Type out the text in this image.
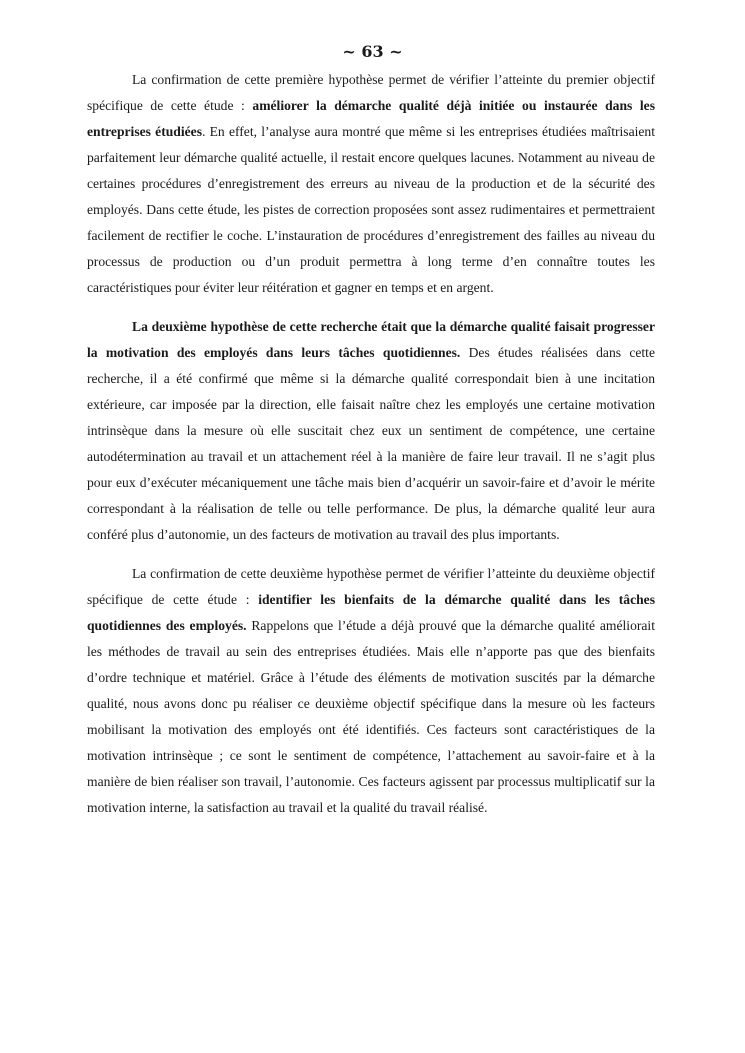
~ 63 ~

La confirmation de cette première hypothèse permet de vérifier l’atteinte du premier objectif spécifique de cette étude : améliorer la démarche qualité déjà initiée ou instaurée dans les entreprises étudiées. En effet, l’analyse aura montré que même si les entreprises étudiées maîtrisaient parfaitement leur démarche qualité actuelle, il restait encore quelques lacunes. Notamment au niveau de certaines procédures d’enregistrement des erreurs au niveau de la production et de la sécurité des employés. Dans cette étude, les pistes de correction proposées sont assez rudimentaires et permettraient facilement de rectifier le coche. L’instauration de procédures d’enregistrement des failles au niveau du processus de production ou d’un produit permettra à long terme d’en connaître toutes les caractéristiques pour éviter leur réitération et gagner en temps et en argent.

La deuxième hypothèse de cette recherche était que la démarche qualité faisait progresser la motivation des employés dans leurs tâches quotidiennes. Des études réalisées dans cette recherche, il a été confirmé que même si la démarche qualité correspondait bien à une incitation extérieure, car imposée par la direction, elle faisait naître chez les employés une certaine motivation intrinsèque dans la mesure où elle suscitait chez eux un sentiment de compétence, une certaine autodétermination au travail et un attachement réel à la manière de faire leur travail. Il ne s’agit plus pour eux d’exécuter mécaniquement une tâche mais bien d’acquérir un savoir-faire et d’avoir le mérite correspondant à la réalisation de telle ou telle performance. De plus, la démarche qualité leur aura conféré plus d’autonomie, un des facteurs de motivation au travail des plus importants.

La confirmation de cette deuxième hypothèse permet de vérifier l’atteinte du deuxième objectif spécifique de cette étude : identifier les bienfaits de la démarche qualité dans les tâches quotidiennes des employés. Rappelons que l’étude a déjà prouvé que la démarche qualité améliorait les méthodes de travail au sein des entreprises étudiées. Mais elle n’apporte pas que des bienfaits d’ordre technique et matériel. Grâce à l’étude des éléments de motivation suscités par la démarche qualité, nous avons donc pu réaliser ce deuxième objectif spécifique dans la mesure où les facteurs mobilisant la motivation des employés ont été identifiés. Ces facteurs sont caractéristiques de la motivation intrinsèque ; ce sont le sentiment de compétence, l’attachement au savoir-faire et à la manière de bien réaliser son travail, l’autonomie. Ces facteurs agissent par processus multiplicatif sur la motivation interne, la satisfaction au travail et la qualité du travail réalisé.
